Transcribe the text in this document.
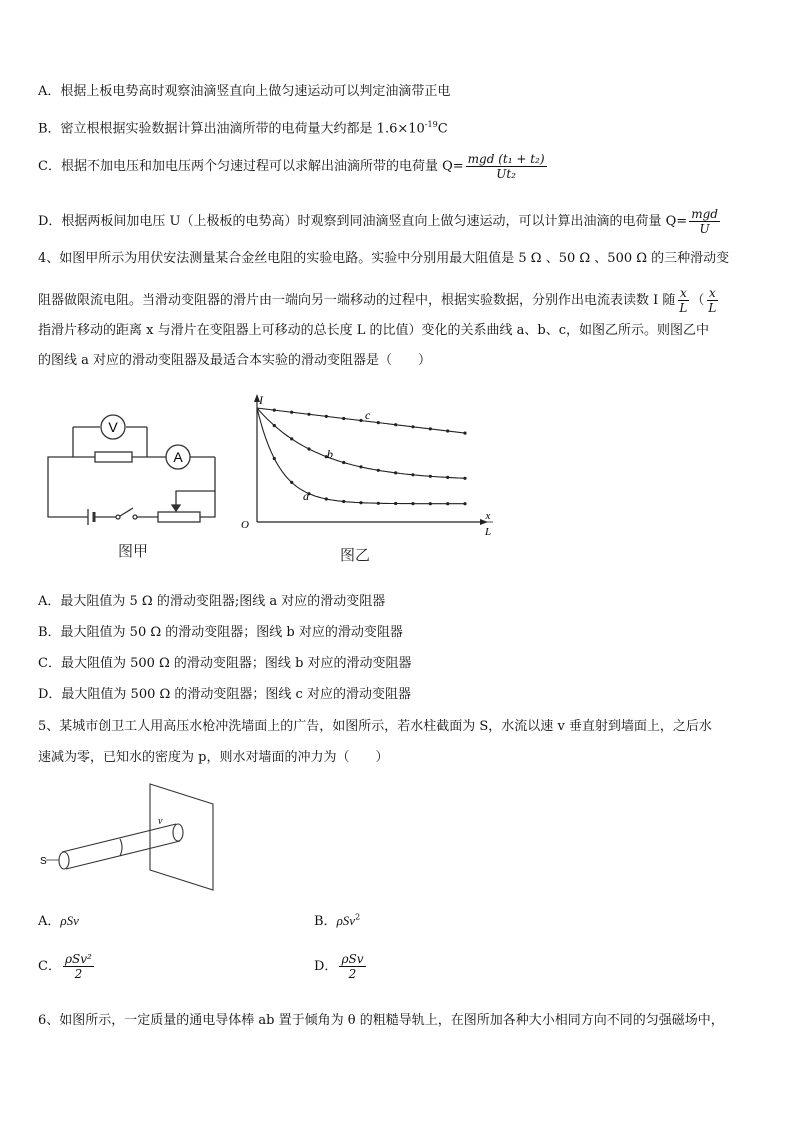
A．根据上板电势高时观察油滴竖直向上做匀速运动可以判定油滴带正电
B．密立根根据实验数据计算出油滴所带的电荷量大约都是 $1.6\times 10^{-19}C$
C．根据不加电压和加电压两个匀速过程可以求解出油滴所带的电荷量 $Q= \frac{\text{mgd (t₁ + t₂)}}{\text{Ut₂}}$
D．根据两板间加电压 U（上极板的电势高）时观察到同油滴竖直向上做匀速运动，可以计算出油滴的电荷量 $Q= \frac{\text{mgd}}{U}$
4、如图甲所示为用伏安法测量某合金丝电阻的实验电路。实验中分别用最大阻值是 5 Ω 、50 Ω 、500 Ω 的三种滑动变
阻器做限流电阻。当滑动变阻器的滑片由一端向另一端移动的过程中，根据实验数据，分别作出电流表读数 I 随 $\frac{x}{L}$ （ $\frac{x}{L}$
指滑片移动的距离 x 与滑片在变阻器上可移动的总长度 L 的比值）变化的关系曲线 a、b、c，如图乙所示。则图乙中
的图线 a 对应的滑动变阻器及最适合本实验的滑动变阻器是（　　）
V
A
图甲
I
O
x
L
a
b
c
图乙
A．最大阻值为 5 Ω 的滑动变阻器;图线 a 对应的滑动变阻器
B．最大阻值为 50 Ω 的滑动变阻器；图线 b 对应的滑动变阻器
C．最大阻值为 500 Ω 的滑动变阻器；图线 b 对应的滑动变阻器
D．最大阻值为 500 Ω 的滑动变阻器；图线 c 对应的滑动变阻器
5、某城市创卫工人用高压水枪冲洗墙面上的广告，如图所示，若水柱截面为 S，水流以速 v 垂直射到墙面上，之后水
速减为零，已知水的密度为 p，则水对墙面的冲力为（　　）
S
v
A．ρSv	B．ρSv$^2$
C． $\frac{\text{ρSv²}}{2}$	D． $\frac{\text{ρSv}}{2}$
6、如图所示，一定质量的通电导体棒 ab 置于倾角为 θ 的粗糙导轨上，在图所加各种大小相同方向不同的匀强磁场中，
